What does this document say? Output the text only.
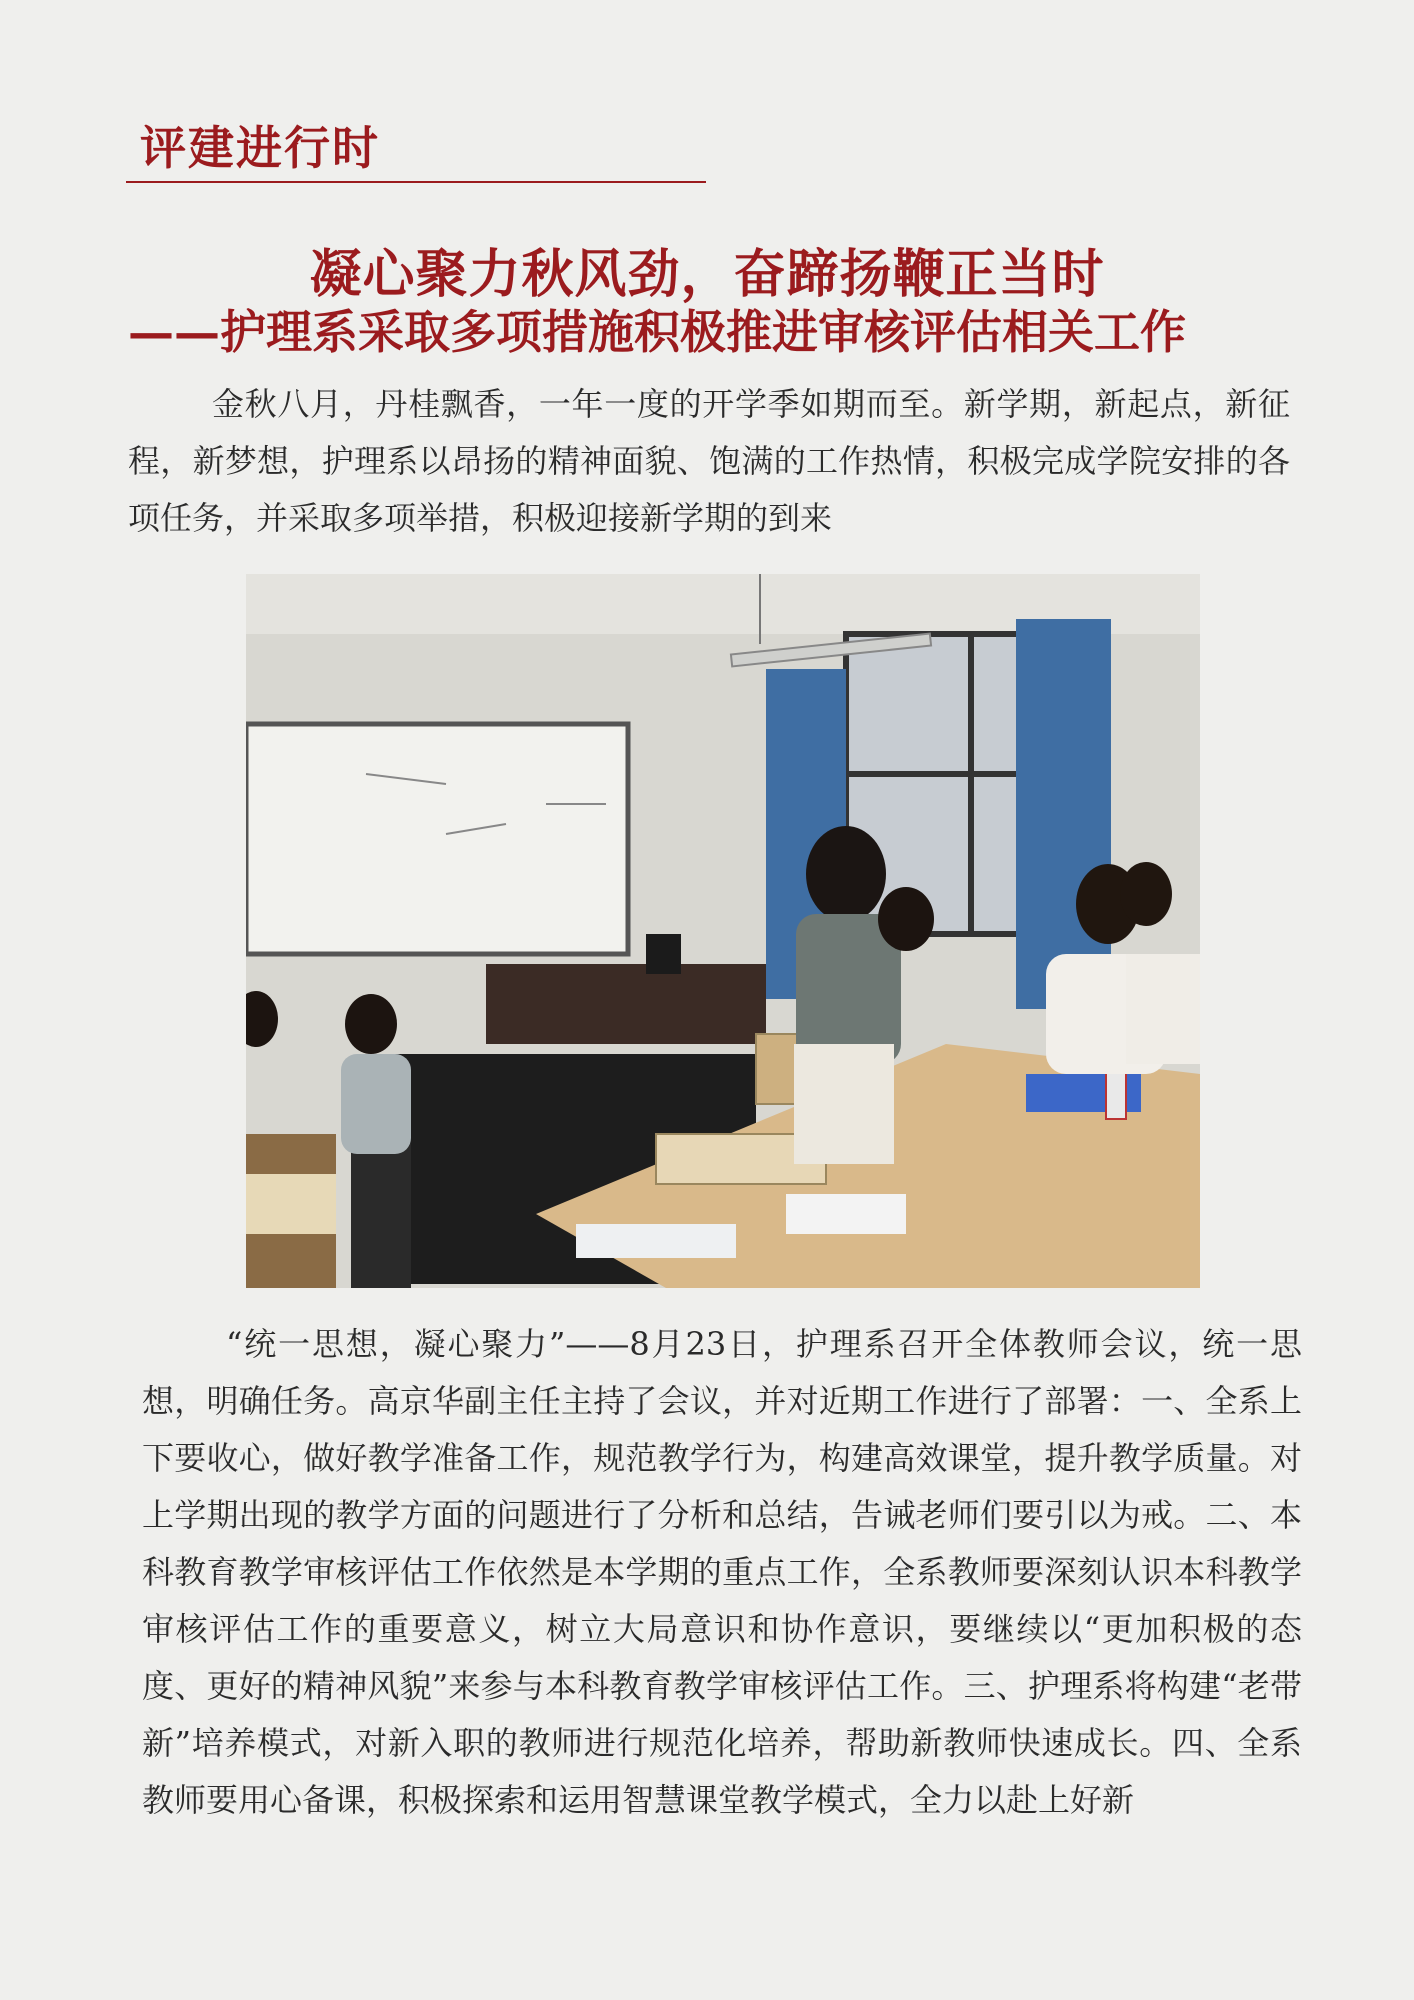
评建进行时
凝心聚力秋风劲，奋蹄扬鞭正当时
——护理系采取多项措施积极推进审核评估相关工作

金秋八月，丹桂飘香，一年一度的开学季如期而至。新学期，新起点，新征程，新梦想，护理系以昂扬的精神面貌、饱满的工作热情，积极完成学院安排的各项任务，并采取多项举措，积极迎接新学期的到来

“统一思想，凝心聚力”——8月23日，护理系召开全体教师会议，统一思想，明确任务。高京华副主任主持了会议，并对近期工作进行了部署：一、全系上下要收心，做好教学准备工作，规范教学行为，构建高效课堂，提升教学质量。对上学期出现的教学方面的问题进行了分析和总结，告诫老师们要引以为戒。二、本科教育教学审核评估工作依然是本学期的重点工作，全系教师要深刻认识本科教学审核评估工作的重要意义，树立大局意识和协作意识，要继续以“更加积极的态度、更好的精神风貌”来参与本科教育教学审核评估工作。三、护理系将构建“老带新”培养模式，对新入职的教师进行规范化培养，帮助新教师快速成长。四、全系教师要用心备课，积极探索和运用智慧课堂教学模式，全力以赴上好新
